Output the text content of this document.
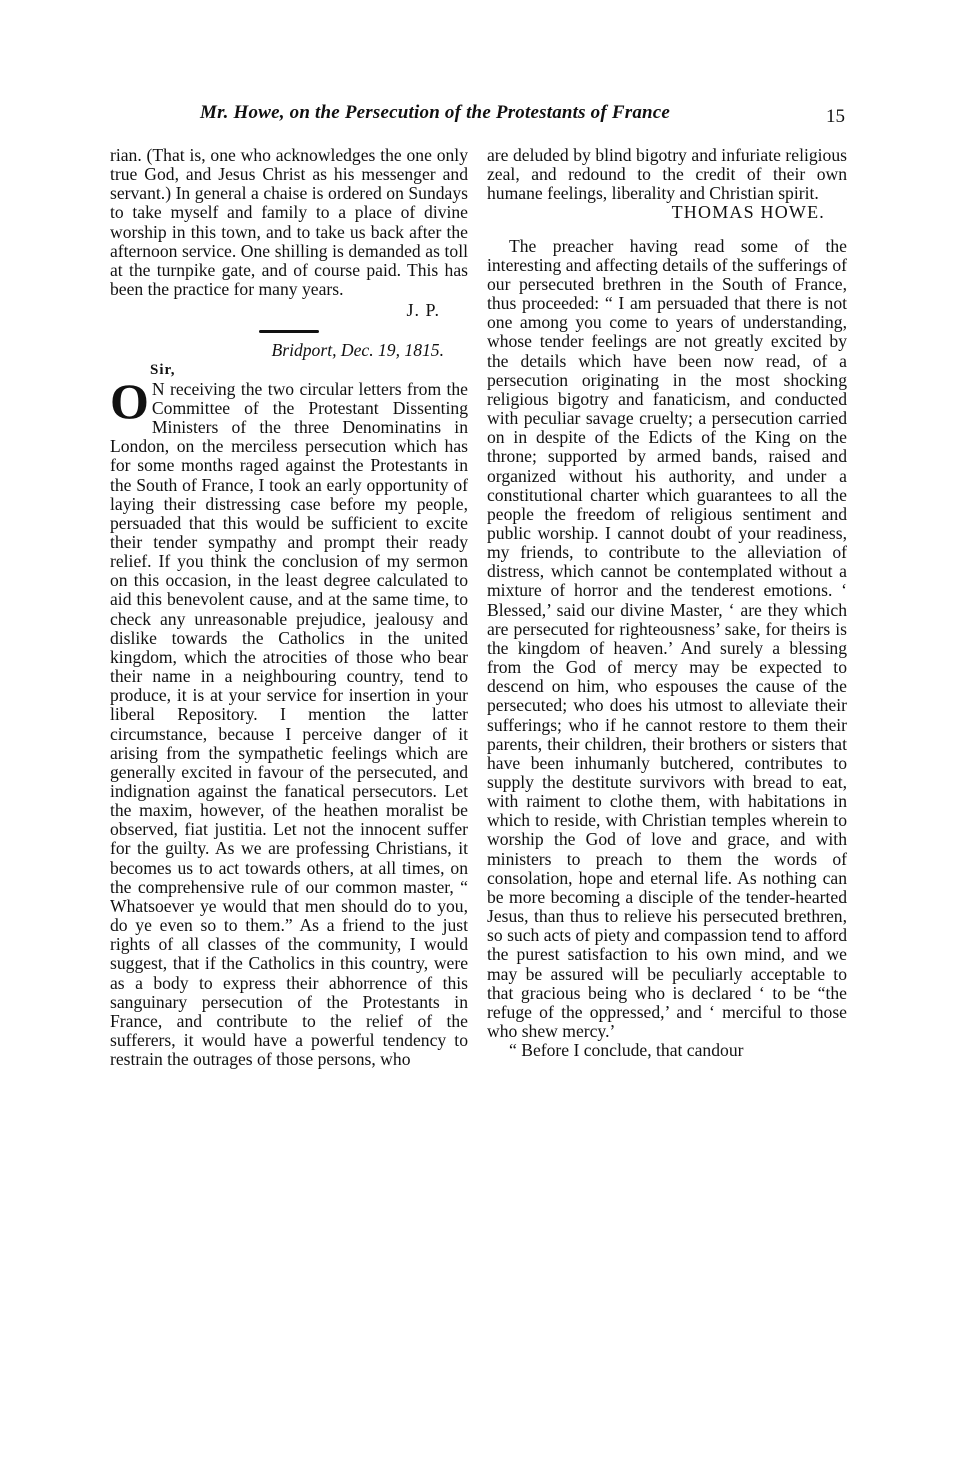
Mr. Howe, on the Persecution of the Protestants of France	15

rian. (That is, one who acknowledges the one only true God, and Jesus Christ as his messenger and servant.) In general a chaise is ordered on Sundays to take myself and family to a place of divine worship in this town, and to take us back after the afternoon service. One shilling is demanded as toll at the turnpike gate, and of course paid. This has been the practice for many years.

J. P.

Bridport, Dec. 19, 1815.

Sir,

O N receiving the two circular letters from the Committee of the Protestant Dissenting Ministers of the three Denominatins in London, on the merciless persecution which has for some months raged against the Protestants in the South of France, I took an early opportunity of laying their distressing case before my people, persuaded that this would be sufficient to excite their tender sympathy and prompt their ready relief. If you think the conclusion of my sermon on this occasion, in the least degree calculated to aid this benevolent cause, and at the same time, to check any unreasonable prejudice, jealousy and dislike towards the Catholics in the united kingdom, which the atrocities of those who bear their name in a neighbouring country, tend to produce, it is at your service for insertion in your liberal Repository. I mention the latter circumstance, because I perceive danger of it arising from the sympathetic feelings which are generally excited in favour of the persecuted, and indignation against the fanatical persecutors. Let the maxim, however, of the heathen moralist be observed, fiat justitia. Let not the innocent suffer for the guilty. As we are professing Christians, it becomes us to act towards others, at all times, on the comprehensive rule of our common master, “ Whatsoever ye would that men should do to you, do ye even so to them.” As a friend to the just rights of all classes of the community, I would suggest, that if the Catholics in this country, were as a body to express their abhorrence of this sanguinary persecution of the Protestants in France, and contribute to the relief of the sufferers, it would have a powerful tendency to restrain the outrages of those persons, who

are deluded by blind bigotry and infuriate religious zeal, and redound to the credit of their own humane feelings, liberality and Christian spirit.

THOMAS HOWE.

The preacher having read some of the interesting and affecting details of the sufferings of our persecuted brethren in the South of France, thus proceeded: “ I am persuaded that there is not one among you come to years of understanding, whose tender feelings are not greatly excited by the details which have been now read, of a persecution originating in the most shocking religious bigotry and fanaticism, and conducted with peculiar savage cruelty; a persecution carried on in despite of the Edicts of the King on the throne; supported by armed bands, raised and organized without his authority, and under a constitutional charter which guarantees to all the people the freedom of religious sentiment and public worship. I cannot doubt of your readiness, my friends, to contribute to the alleviation of distress, which cannot be contemplated without a mixture of horror and the tenderest emotions. ‘ Blessed,’ said our divine Master, ‘ are they which are persecuted for righteousness’ sake, for theirs is the kingdom of heaven.’ And surely a blessing from the God of mercy may be expected to descend on him, who espouses the cause of the persecuted; who does his utmost to alleviate their sufferings; who if he cannot restore to them their parents, their children, their brothers or sisters that have been inhumanly butchered, contributes to supply the destitute survivors with bread to eat, with raiment to clothe them, with habitations in which to reside, with Christian temples wherein to worship the God of love and grace, and with ministers to preach to them the words of consolation, hope and eternal life. As nothing can be more becoming a disciple of the tender-hearted Jesus, than thus to relieve his persecuted brethren, so such acts of piety and compassion tend to afford the purest satisfaction to his own mind, and we may be assured will be peculiarly acceptable to that gracious being who is declared ‘ to be “the refuge of the oppressed,’ and ‘ merciful to those who shew mercy.’

“ Before I conclude, that candour
